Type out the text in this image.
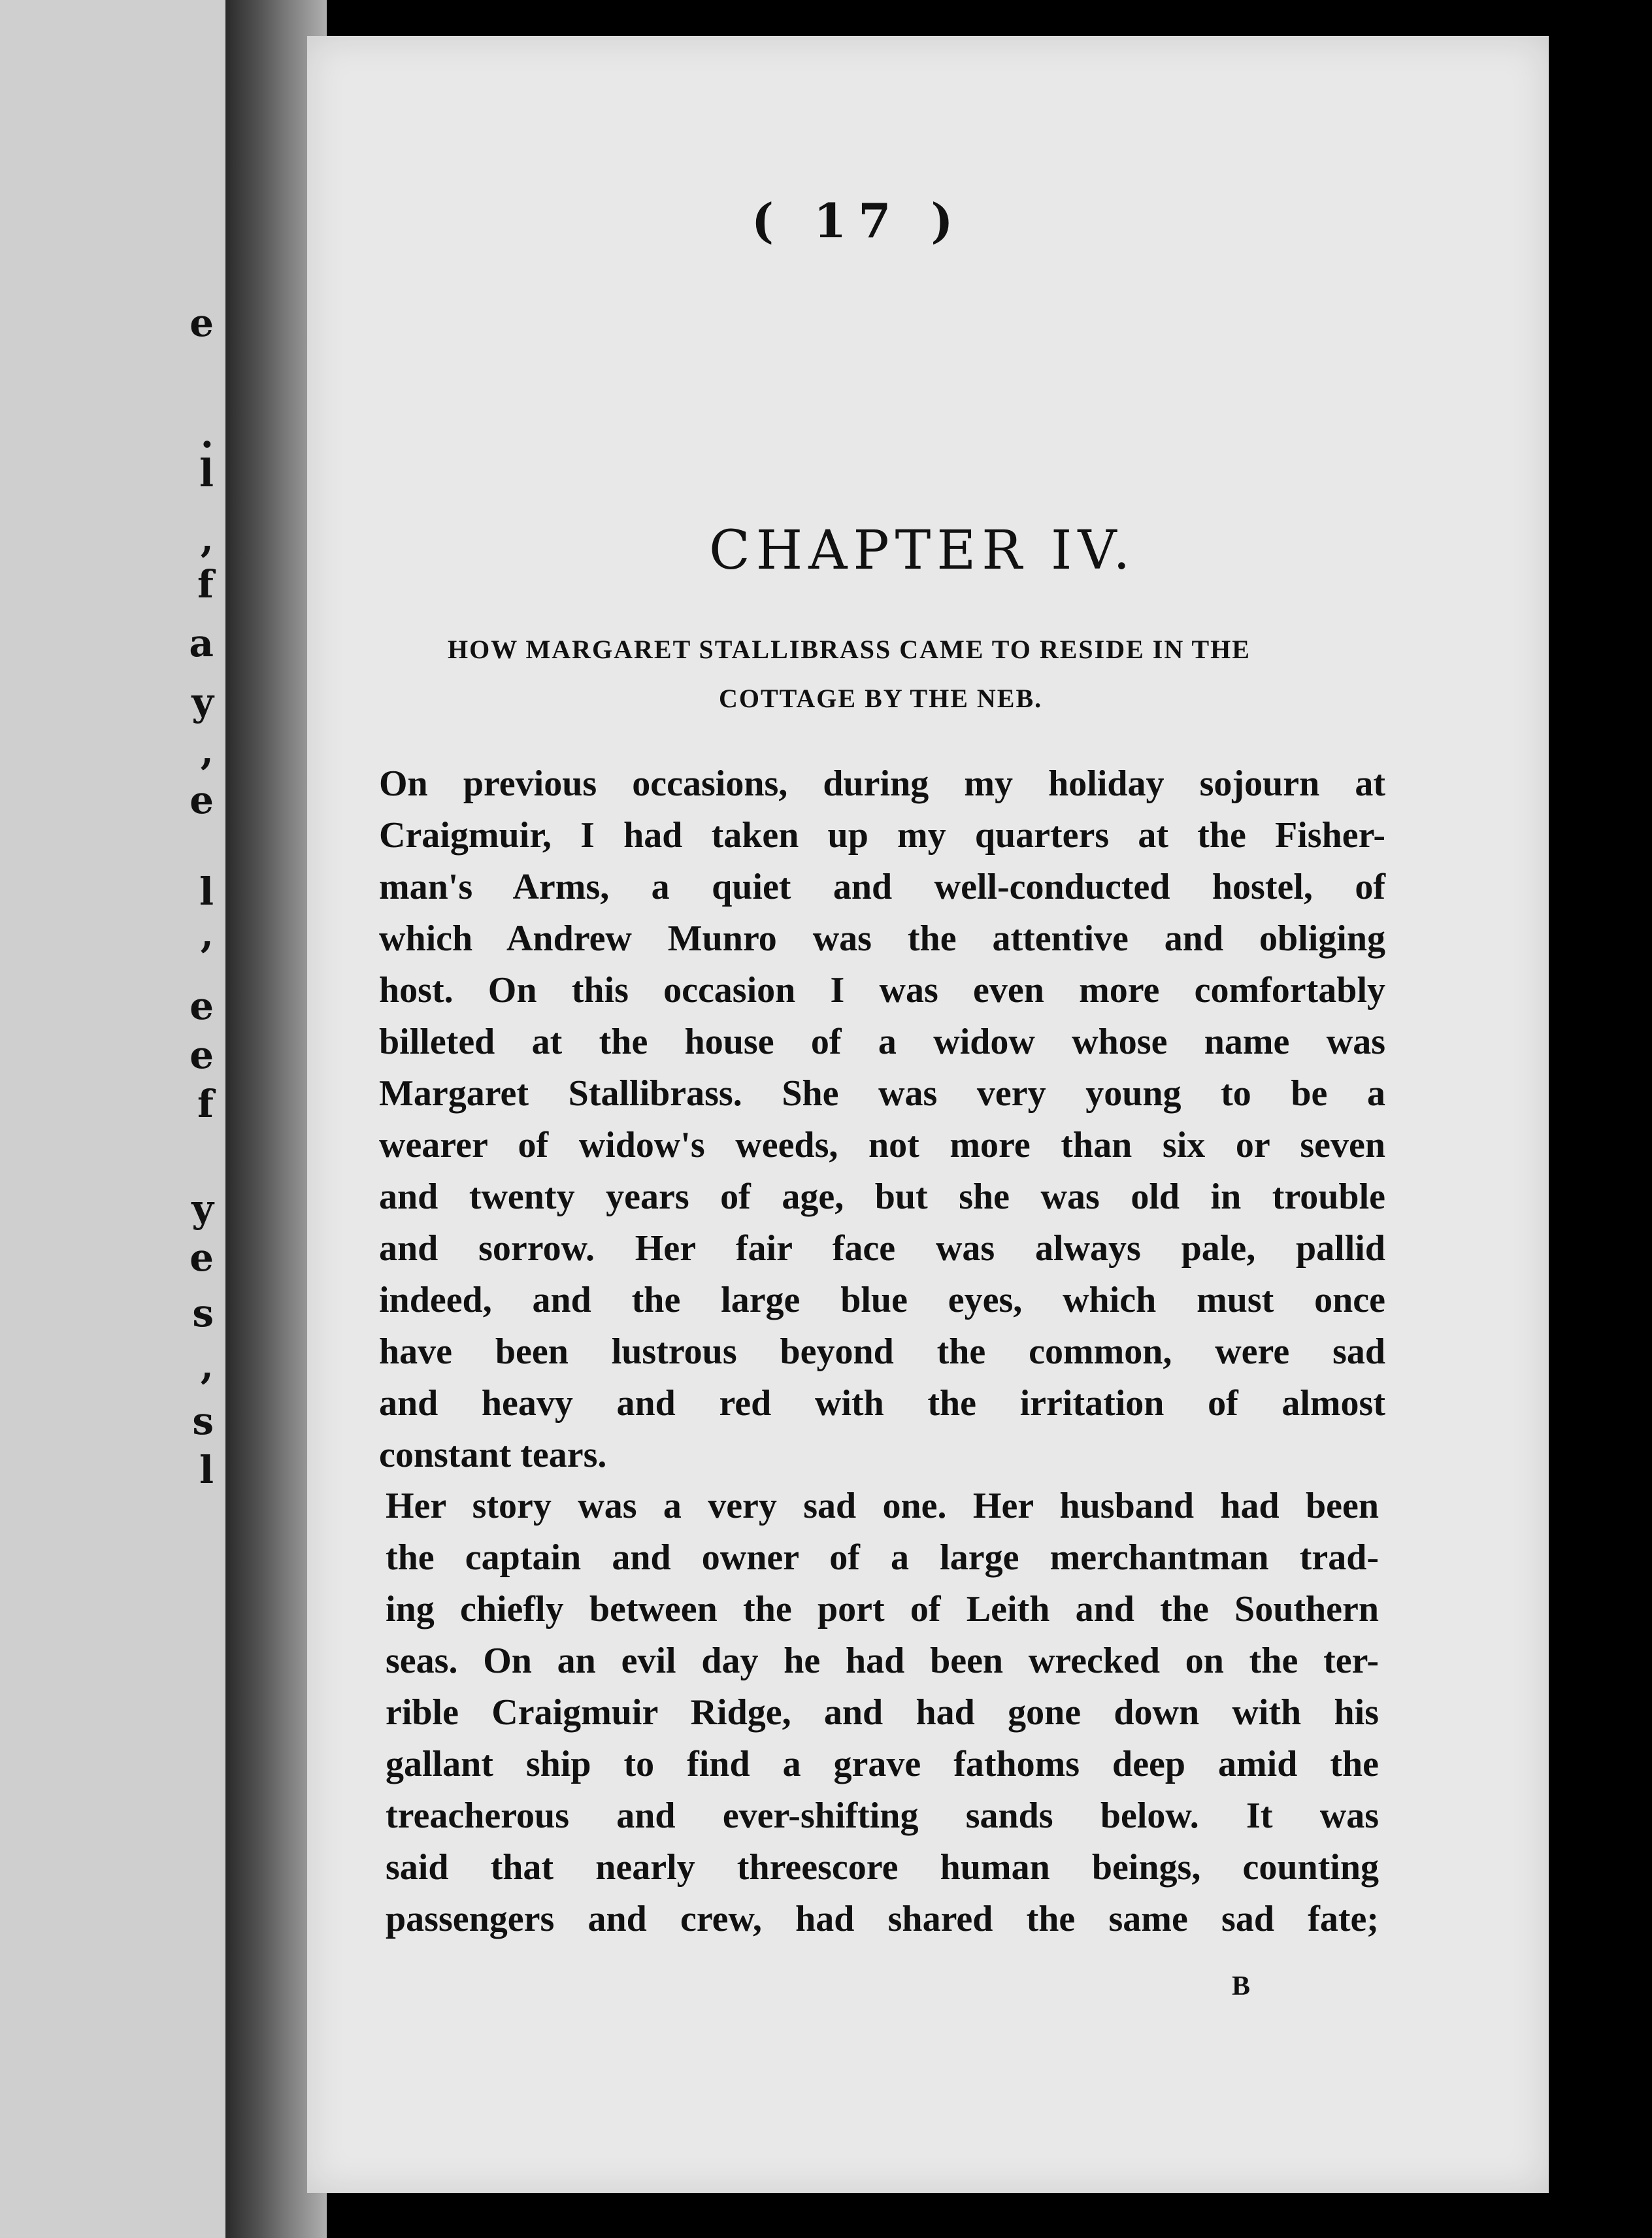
e
.
l
,
f
a
y
,
e
l
,
e
e
f
y
e
s
,
s
l
( 17 )
CHAPTER IV.
HOW MARGARET STALLIBRASS CAME TO RESIDE IN THE
COTTAGE BY THE NEB.
On previous occasions, during my holiday sojourn at
Craigmuir, I had taken up my quarters at the Fisher-
man's Arms, a quiet and well-conducted hostel, of
which Andrew Munro was the attentive and obliging
host. On this occasion I was even more comfortably
billeted at the house of a widow whose name was
Margaret Stallibrass. She was very young to be a
wearer of widow's weeds, not more than six or seven
and twenty years of age, but she was old in trouble
and sorrow. Her fair face was always pale, pallid
indeed, and the large blue eyes, which must once
have been lustrous beyond the common, were sad
and heavy and red with the irritation of almost
constant tears.
Her story was a very sad one. Her husband had been
the captain and owner of a large merchantman trad-
ing chiefly between the port of Leith and the Southern
seas. On an evil day he had been wrecked on the ter-
rible Craigmuir Ridge, and had gone down with his
gallant ship to find a grave fathoms deep amid the
treacherous and ever-shifting sands below. It was
said that nearly threescore human beings, counting
passengers and crew, had shared the same sad fate;
B
